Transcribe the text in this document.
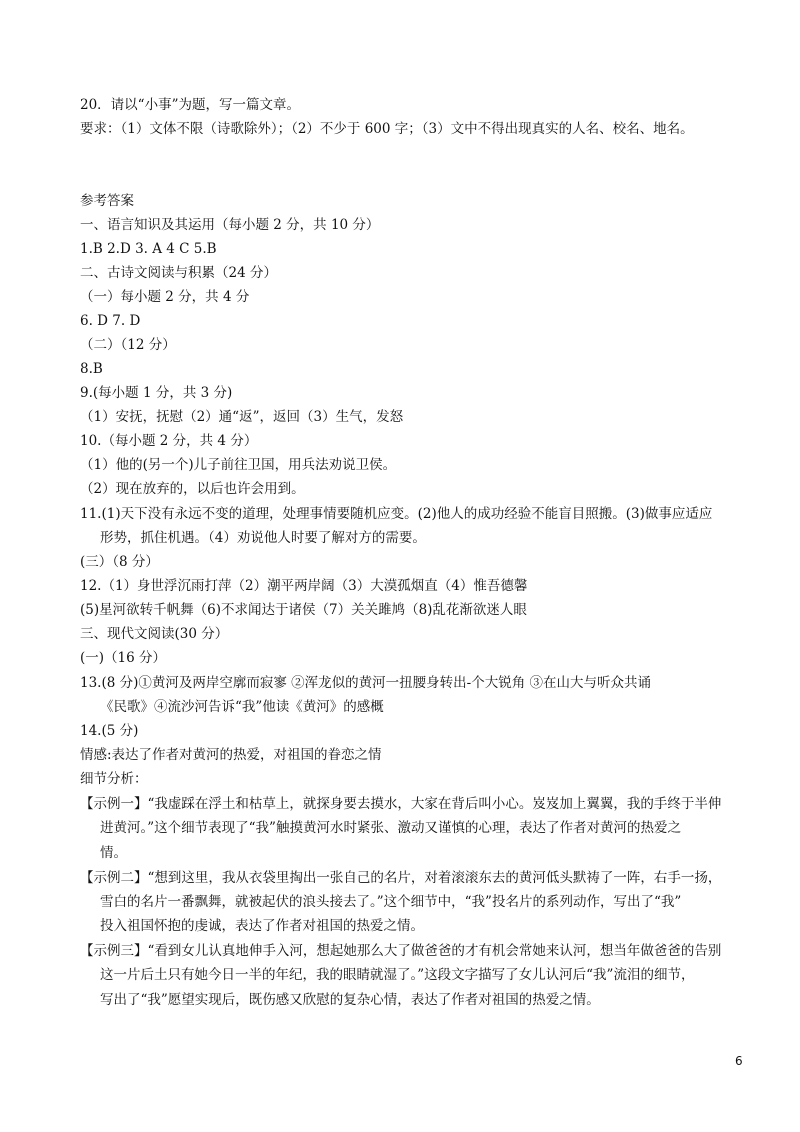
20．请以“小事”为题，写一篇文章。
要求：（1）文体不限（诗歌除外）；（2）不少于 600 字；（3）文中不得出现真实的人名、校名、地名。
参考答案
一、语言知识及其运用（每小题 2 分，共 10 分）
1.B 2.D 3. A 4 C 5.B
二、古诗文阅读与积累（24 分）
（一）每小题 2 分，共 4 分
6. D 7. D
（二）（12 分）
8.B
9.(每小题 1 分，共 3 分)
（1）安抚，抚慰（2）通“返”，返回（3）生气，发怒
10.（每小题 2 分，共 4 分）
（1）他的(另一个)儿子前往卫国，用兵法劝说卫侯。
（2）现在放弃的，以后也许会用到。
11.(1)天下没有永远不变的道理，处理事情要随机应变。(2)他人的成功经验不能盲目照搬。(3)做事应适应
形势，抓住机遇。（4）劝说他人时要了解对方的需要。
(三）（8 分）
12.（1）身世浮沉雨打萍（2）潮平两岸阔（3）大漠孤烟直（4）惟吾德馨
(5)星河欲转千帆舞（6)不求闻达于诸侯（7）关关雎鸠（8)乱花渐欲迷人眼
三、现代文阅读(30 分）
(一)（16 分）
13.(8 分)①黄河及两岸空廓而寂寥 ②浑龙似的黄河一扭腰身转出-个大锐角 ③在山大与听众共诵
《民歌》④流沙河告诉“我”他读《黄河》的感概
14.(5 分)
情感:表达了作者对黄河的热爱，对祖国的眷恋之情
细节分析：
【示例一】“我虚踩在浮土和枯草上，就探身要去摸水，大家在背后叫小心。岌岌加上翼翼，我的手终于半伸
进黄河。”这个细节表现了“我”触摸黄河水时紧张、激动又谨慎的心理，表达了作者对黄河的热爱之
情。
【示例二】“想到这里，我从衣袋里掏出一张自己的名片，对着滚滚东去的黄河低头默祷了一阵，右手一扬，
雪白的名片一番飘舞，就被起伏的浪头接去了。”这个细节中，“我”投名片的系列动作，写出了“我”
投入祖国怀抱的虔诚，表达了作者对祖国的热爱之情。
【示例三】“看到女儿认真地伸手入河，想起她那么大了做爸爸的才有机会常她来认河，想当年做爸爸的告别
这一片后土只有她今日一半的年纪，我的眼睛就湿了。”这段文字描写了女儿认河后“我”流泪的细节，
写出了“我”愿望实现后，既伤感又欣慰的复杂心情，表达了作者对祖国的热爱之情。
6
